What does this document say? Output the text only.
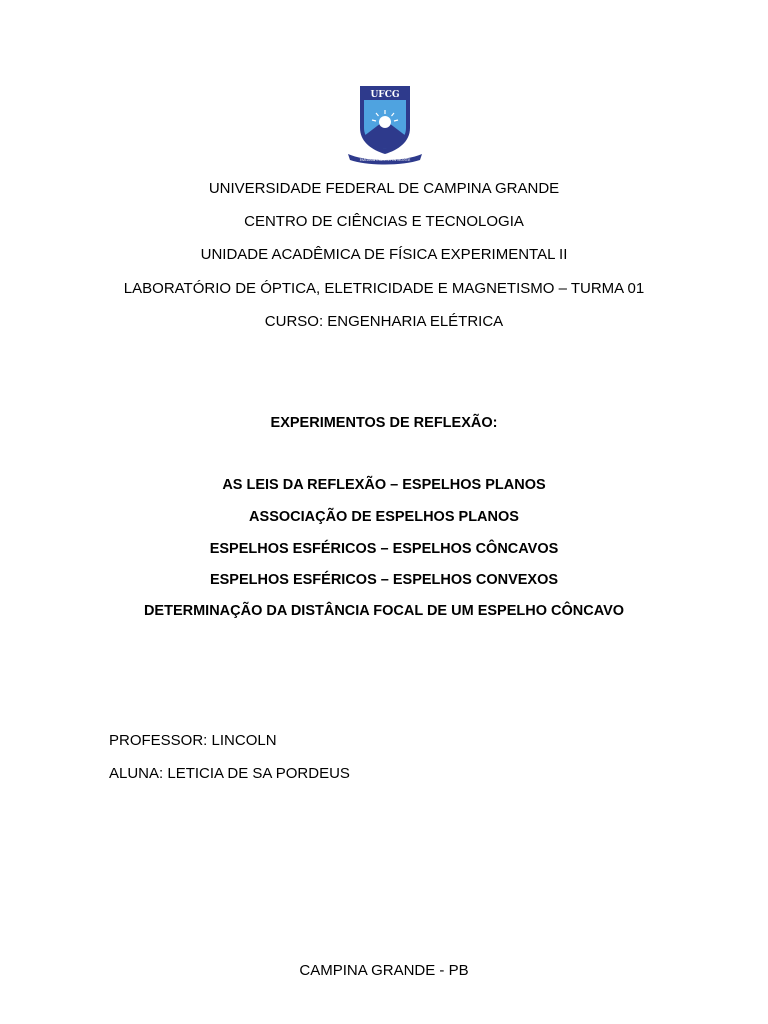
UFCG
PANDEIA CRESCIT IN MONTE
UNIVERSIDADE FEDERAL DE CAMPINA GRANDE
CENTRO DE CIÊNCIAS E TECNOLOGIA
UNIDADE ACADÊMICA DE FÍSICA EXPERIMENTAL II
LABORATÓRIO DE ÓPTICA, ELETRICIDADE E MAGNETISMO – TURMA 01
CURSO: ENGENHARIA ELÉTRICA
EXPERIMENTOS DE REFLEXÃO:
AS LEIS DA REFLEXÃO – ESPELHOS PLANOS
ASSOCIAÇÃO DE ESPELHOS PLANOS
ESPELHOS ESFÉRICOS – ESPELHOS CÔNCAVOS
ESPELHOS ESFÉRICOS – ESPELHOS CONVEXOS
DETERMINAÇÃO DA DISTÂNCIA FOCAL DE UM ESPELHO CÔNCAVO
PROFESSOR: LINCOLN
ALUNA: LETICIA DE SA PORDEUS
CAMPINA GRANDE - PB
